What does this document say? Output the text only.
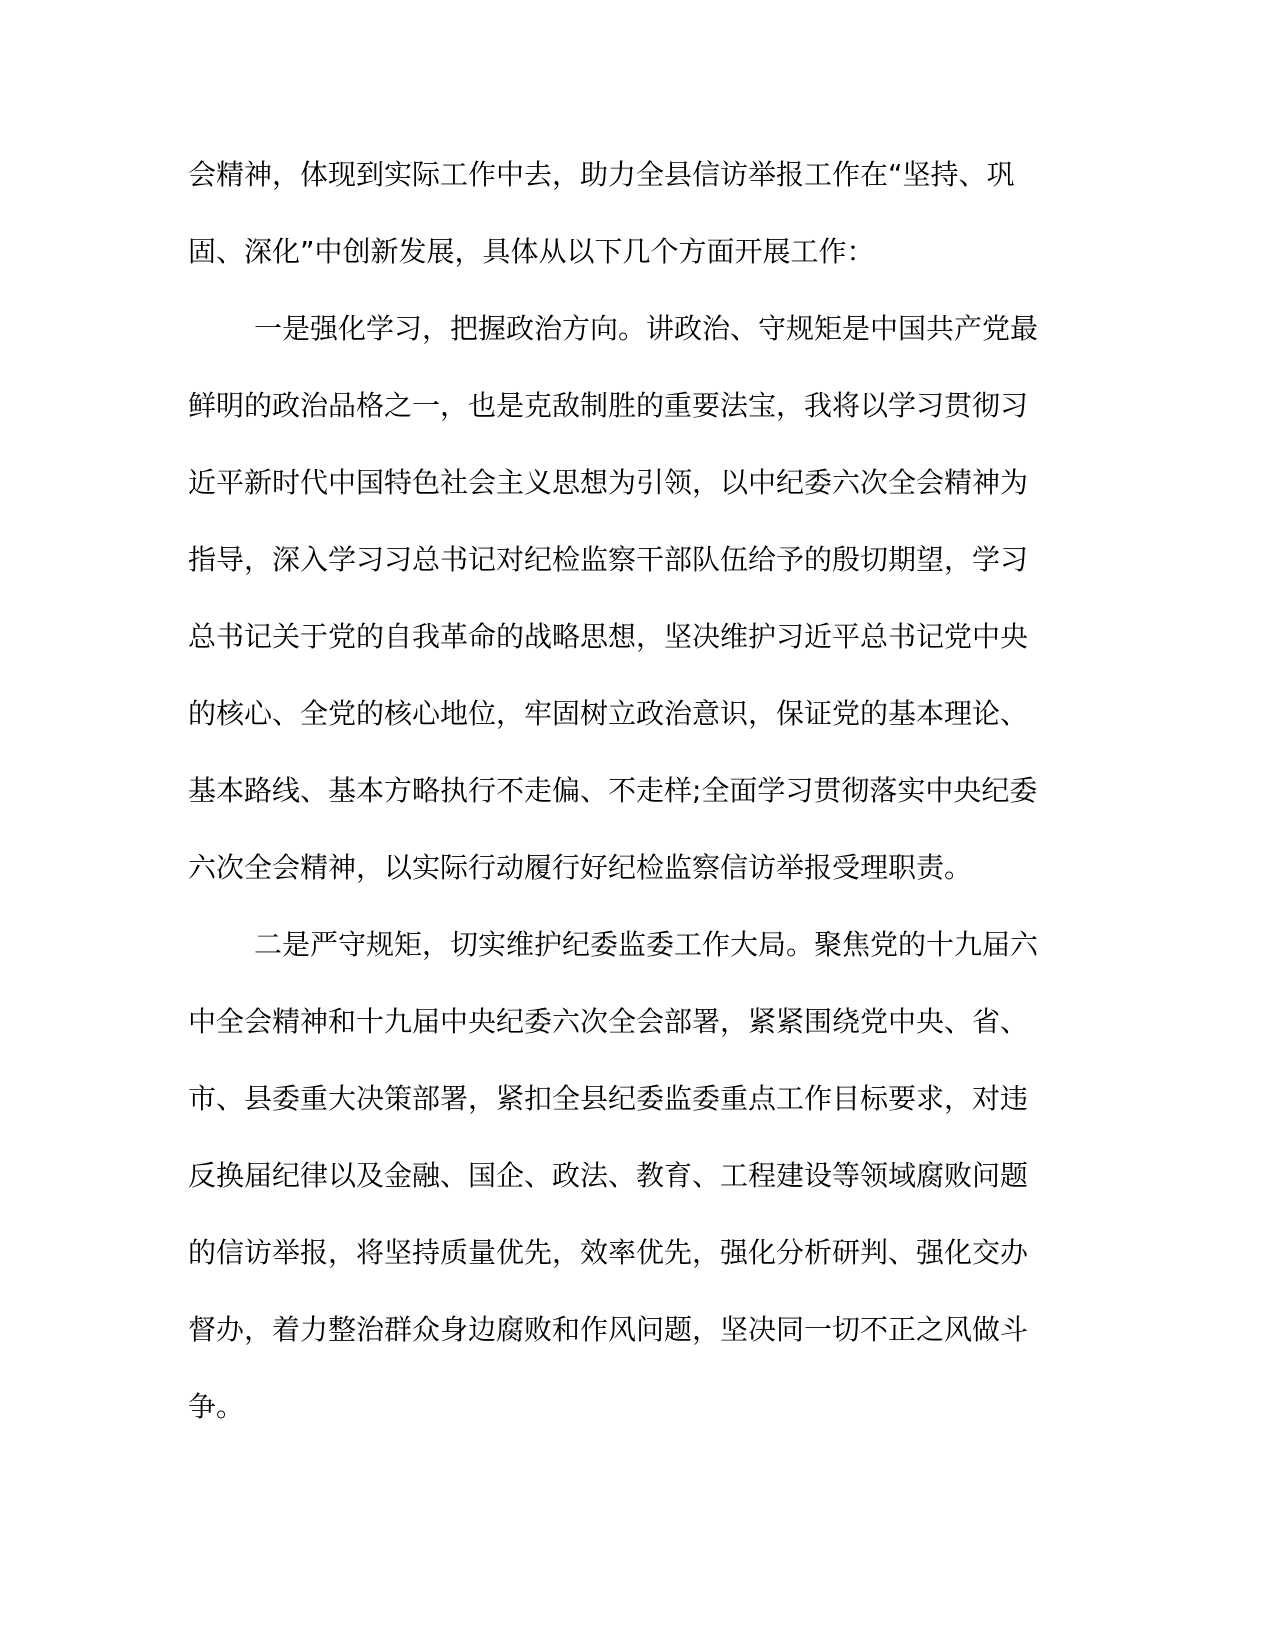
会精神，体现到实际工作中去，助力全县信访举报工作在“坚持、巩
固、深化”中创新发展，具体从以下几个方面开展工作：
一是强化学习，把握政治方向。讲政治、守规矩是中国共产党最
鲜明的政治品格之一，也是克敌制胜的重要法宝，我将以学习贯彻习
近平新时代中国特色社会主义思想为引领，以中纪委六次全会精神为
指导，深入学习习总书记对纪检监察干部队伍给予的殷切期望，学习
总书记关于党的自我革命的战略思想，坚决维护习近平总书记党中央
的核心、全党的核心地位，牢固树立政治意识，保证党的基本理论、
基本路线、基本方略执行不走偏、不走样;全面学习贯彻落实中央纪委
六次全会精神，以实际行动履行好纪检监察信访举报受理职责。
二是严守规矩，切实维护纪委监委工作大局。聚焦党的十九届六
中全会精神和十九届中央纪委六次全会部署，紧紧围绕党中央、省、
市、县委重大决策部署，紧扣全县纪委监委重点工作目标要求，对违
反换届纪律以及金融、国企、政法、教育、工程建设等领域腐败问题
的信访举报，将坚持质量优先，效率优先，强化分析研判、强化交办
督办，着力整治群众身边腐败和作风问题，坚决同一切不正之风做斗
争。
